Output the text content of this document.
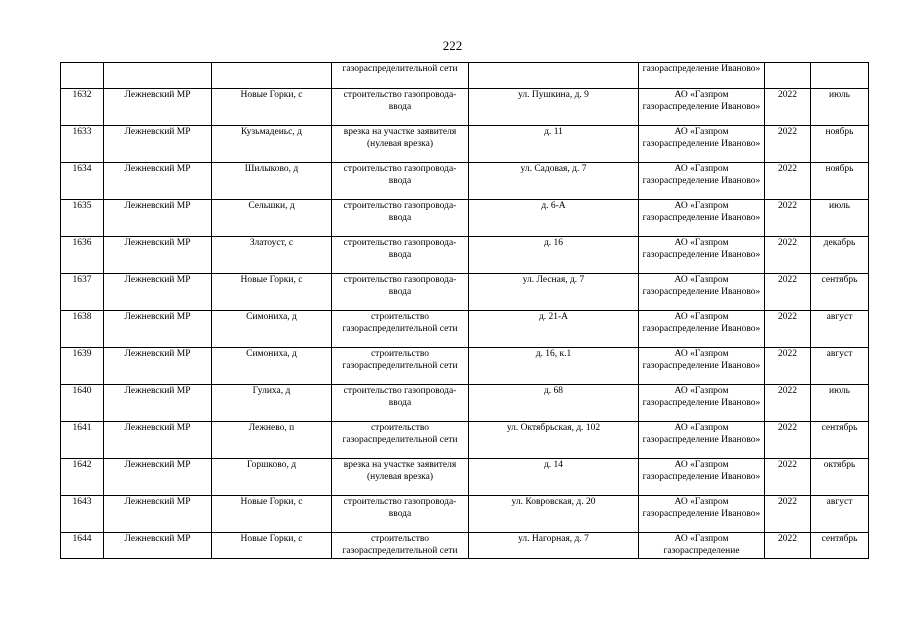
222
			газораспределительной сети		газораспределение Иваново»		
1632	Лежневский МР	Новые Горки, с	строительство газопровода-ввода	ул. Пушкина, д. 9	АО «Газпром газораспределение Иваново»	2022	июль
1633	Лежневский МР	Кузьмадеиьс, д	врезка на участке заявителя (нулевая врезка)	д. 11	АО «Газпром газораспределение Иваново»	2022	ноябрь
1634	Лежневский МР	Шилыково, д	строительство газопровода-ввода	ул. Садовая, д. 7	АО «Газпром газораспределение Иваново»	2022	ноябрь
1635	Лежневский МР	Сельшки, д	строительство газопровода-ввода	д. 6-А	АО «Газпром газораспределение Иваново»	2022	июль
1636	Лежневский МР	Златоуст, с	строительство газопровода-ввода	д. 16	АО «Газпром газораспределение Иваново»	2022	декабрь
1637	Лежневский МР	Новые Горки, с	строительство газопровода-ввода	ул. Лесная, д. 7	АО «Газпром газораспределение Иваново»	2022	сентябрь
1638	Лежневский МР	Симониха, д	строительство газораспределительной сети	д. 21-А	АО «Газпром газораспределение Иваново»	2022	август
1639	Лежневский МР	Симониха, д	строительство газораспределительной сети	д. 16, к.1	АО «Газпром газораспределение Иваново»	2022	август
1640	Лежневский МР	Гулиха, д	строительство газопровода-ввода	д. 68	АО «Газпром газораспределение Иваново»	2022	июль
1641	Лежневский МР	Лежнево, п	строительство газораспределительной сети	ул. Октябрьская, д. 102	АО «Газпром газораспределение Иваново»	2022	сентябрь
1642	Лежневский МР	Горшково, д	врезка на участке заявителя (нулевая врезка)	д. 14	АО «Газпром газораспределение Иваново»	2022	октябрь
1643	Лежневский МР	Новые Горки, с	строительство газопровода-ввода	ул. Ковровская, д. 20	АО «Газпром газораспределение Иваново»	2022	август
1644	Лежневский МР	Новые Горки, с	строительство газораспределительной сети	ул. Нагорная, д. 7	АО «Газпром газораспределение	2022	сентябрь
